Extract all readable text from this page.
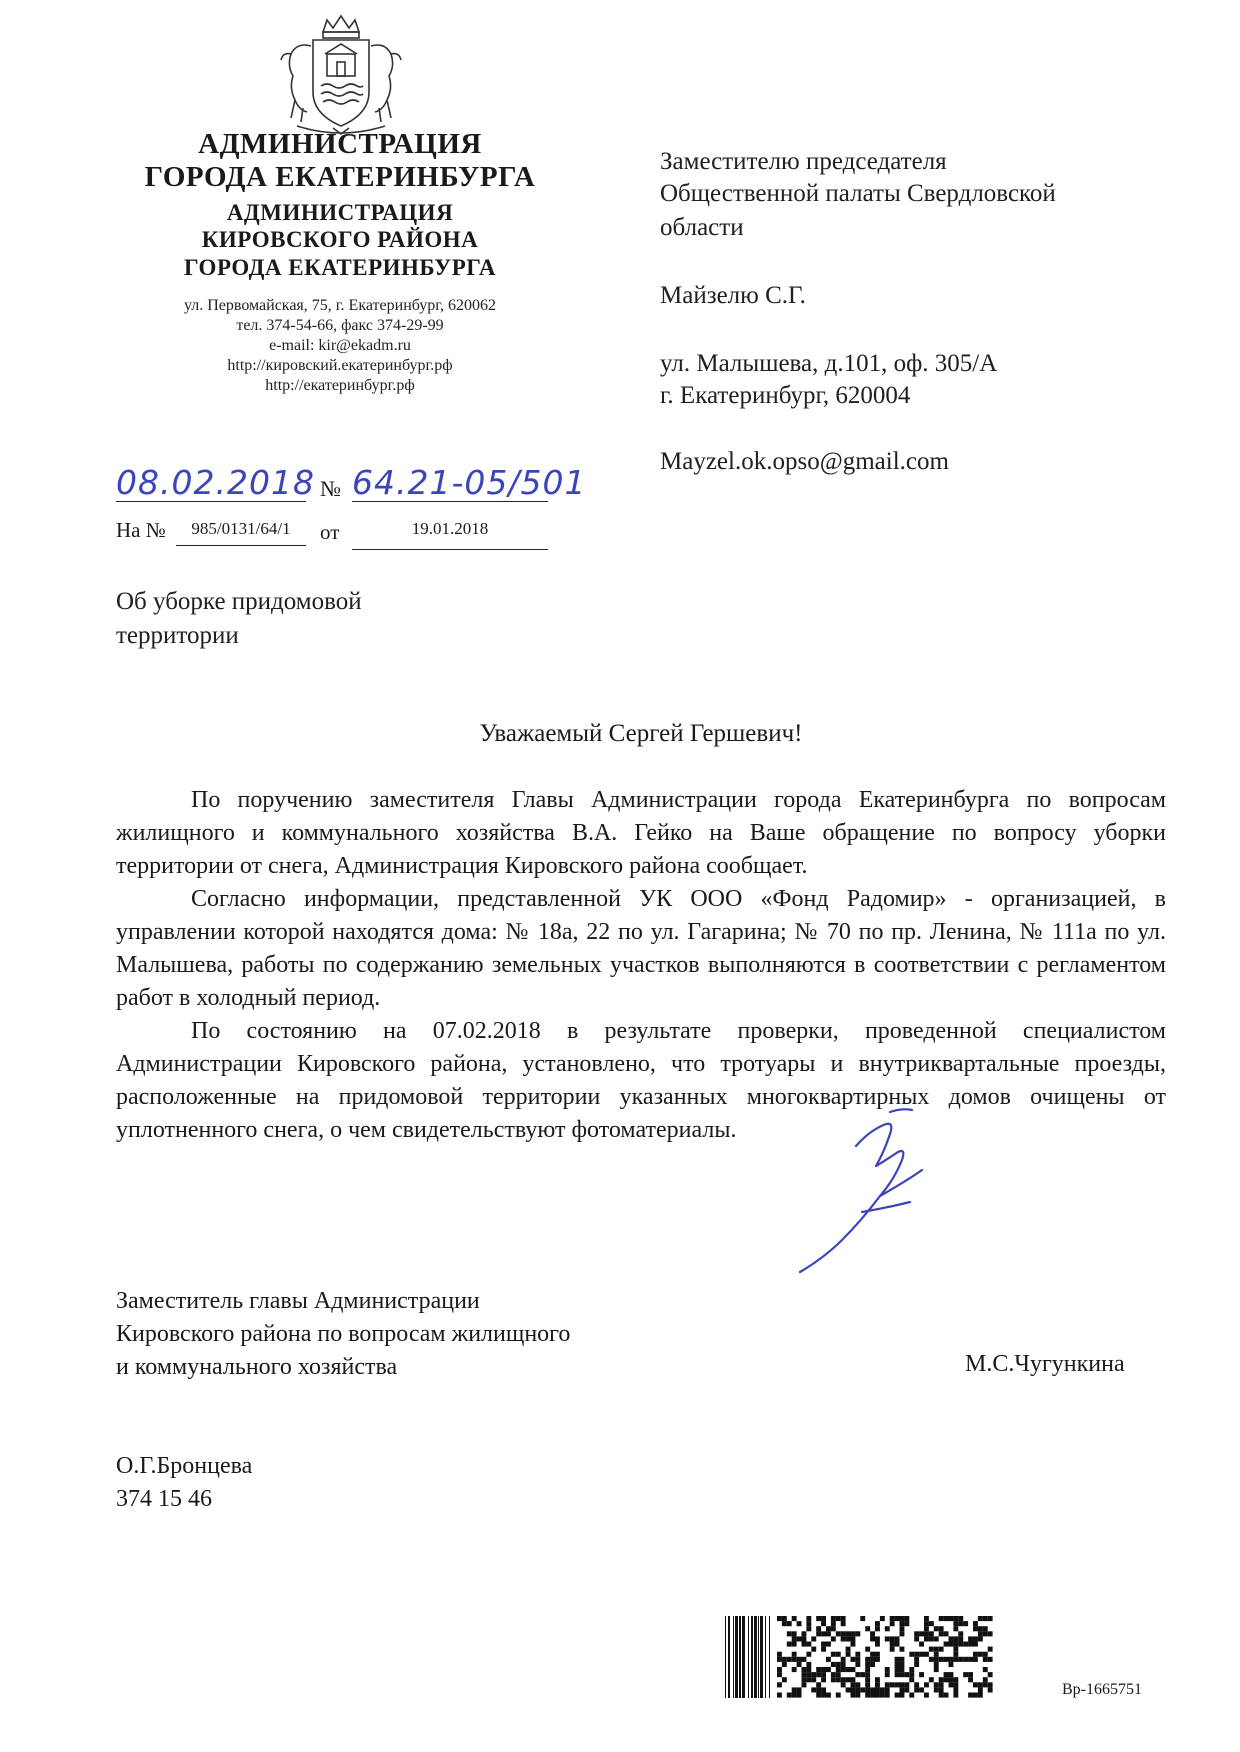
АДМИНИСТРАЦИЯ
ГОРОДА ЕКАТЕРИНБУРГА
АДМИНИСТРАЦИЯ
КИРОВСКОГО РАЙОНА
ГОРОДА ЕКАТЕРИНБУРГА
ул. Первомайская, 75, г. Екатеринбург, 620062
тел. 374-54-66, факс 374-29-99
e-mail: kir@ekadm.ru
http://кировский.екатеринбург.рф
http://екатеринбург.рф
Заместителю председателя
Общественной палаты Свердловской
области
Майзелю С.Г.
ул. Малышева, д.101, оф. 305/А
г. Екатеринбург, 620004
Mayzel.ok.opso@gmail.com
08.02.2018 № 64.21-05/501
На №	985/0131/64/1	от	19.01.2018
Об уборке придомовой
территории
Уважаемый Сергей Гершевич!

По поручению заместителя Главы Администрации города Екатеринбурга по вопросам жилищного и коммунального хозяйства В.А. Гейко на Ваше обращение по вопросу уборки территории от снега, Администрация Кировского района сообщает.

Согласно информации, представленной УК ООО «Фонд Радомир» - организацией, в управлении которой находятся дома: № 18а, 22 по ул. Гагарина; № 70 по пр. Ленина, № 111а по ул. Малышева, работы по содержанию земельных участков выполняются в соответствии с регламентом работ в холодный период.

По состоянию на 07.02.2018 в результате проверки, проведенной специалистом Администрации Кировского района, установлено, что тротуары и внутриквартальные проезды, расположенные на придомовой территории указанных многоквартирных домов очищены от уплотненного снега, о чем свидетельствуют фотоматериалы.

Заместитель главы Администрации
Кировского района по вопросам жилищного
и коммунального хозяйства	М.С.Чугункина
О.Г.Бронцева
374 15 46
Вр-1665751
